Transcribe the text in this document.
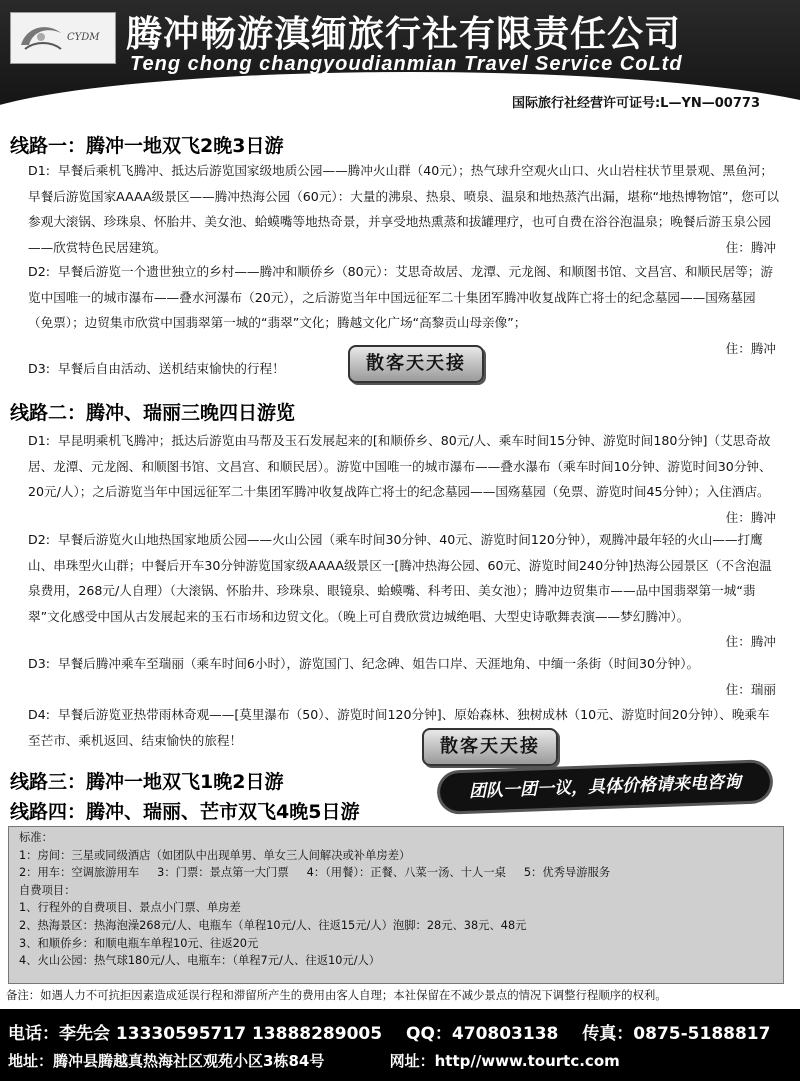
CYDM 腾冲畅游滇缅旅行社有限责任公司
Teng chong changyoudianmian Travel Service CoLtd
国际旅行社经营许可证号:L—YN—00773
线路一：腾冲一地双飞2晚3日游
D1: 早餐后乘机飞腾冲、抵达后游览国家级地质公园——腾冲火山群（40元）；热气球升空观火山口、火山岩柱状节里景观、黑鱼河；早餐后游览国家AAAA级景区——腾冲热海公园（60元）：大量的沸泉、热泉、喷泉、温泉和地热蒸汽出漏，堪称“地热博物馆”，您可以参观大滚锅、珍珠泉、怀胎井、美女池、蛤蟆嘴等地热奇景，并享受地热熏蒸和拔罐理疗，也可自费在浴谷泡温泉；晚餐后游玉泉公园——欣赏特色民居建筑。	住：腾冲
D2: 早餐后游览一个遗世独立的乡村——腾冲和顺侨乡（80元）：艾思奇故居、龙潭、元龙阁、和顺图书馆、文昌宫、和顺民居等；游览中国唯一的城市瀑布——叠水河瀑布（20元），之后游览当年中国远征军二十集团军腾冲收复战阵亡将士的纪念墓园——国殇墓园（免票）；边贸集市欣赏中国翡翠第一城的“翡翠”文化；腾越文化广场“高黎贡山母亲像”；
住：腾冲
D3: 早餐后自由活动、送机结束愉快的行程！	散客天天接
线路二：腾冲、瑞丽三晚四日游览
D1: 早昆明乘机飞腾冲；抵达后游览由马帮及玉石发展起来的[和顺侨乡、80元/人、乘车时间15分钟、游览时间180分钟]（艾思奇故居、龙潭、元龙阁、和顺图书馆、文昌宫、和顺民居）。游览中国唯一的城市瀑布——叠水瀑布（乘车时间10分钟、游览时间30分钟、20元/人）；之后游览当年中国远征军二十集团军腾冲收复战阵亡将士的纪念墓园——国殇墓园（免票、游览时间45分钟）；入住酒店。
住：腾冲
D2: 早餐后游览火山地热国家地质公园——火山公园（乘车时间30分钟、40元、游览时间120分钟），观腾冲最年轻的火山——打鹰山、串珠型火山群；中餐后开车30分钟游览国家级AAAA级景区一[腾冲热海公园、60元、游览时间240分钟]热海公园景区（不含泡温泉费用，268元/人自理）（大滚锅、怀胎井、珍珠泉、眼镜泉、蛤蟆嘴、科考田、美女池）；腾冲边贸集市——品中国翡翠第一城“翡翠”文化感受中国从古发展起来的玉石市场和边贸文化。（晚上可自费欣赏边城绝唱、大型史诗歌舞表演——梦幻腾冲）。
住：腾冲
D3: 早餐后腾冲乘车至瑞丽（乘车时间6小时），游览国门、纪念碑、姐告口岸、天涯地角、中缅一条街（时间30分钟）。
住：瑞丽
D4: 早餐后游览亚热带雨林奇观——[莫里瀑布（50）、游览时间120分钟]、原始森林、独树成林（10元、游览时间20分钟）、晚乘车至芒市、乘机返回、结束愉快的旅程！	散客天天接
线路三：腾冲一地双飞1晚2日游
线路四：腾冲、瑞丽、芒市双飞4晚5日游
团队一团一议，具体价格请来电咨询
标准：
1：房间：三星或同级酒店（如团队中出现单男、单女三人间解决或补单房差）
2：用车：空调旅游用车 3：门票：景点第一大门票 4：（用餐）：正餐、八菜一汤、十人一桌 5：优秀导游服务
自费项目：
1、行程外的自费项目、景点小门票、单房差
2、热海景区：热海泡澡268元/人、电瓶车（单程10元/人、往返15元/人）泡脚：28元、38元、48元
3、和顺侨乡：和顺电瓶车单程10元、往返20元
4、火山公园：热气球180元/人、电瓶车：（单程7元/人、往返10元/人）
备注：如遇人力不可抗拒因素造成延误行程和滞留所产生的费用由客人自理；本社保留在不减少景点的情况下调整行程顺序的权利。
电话：李先会 13330595717 13888289005 QQ：470803138 传真：0875-5188817
地址：腾冲县腾越真热海社区观苑小区3栋84号	网址：http//www.tourtc.com
